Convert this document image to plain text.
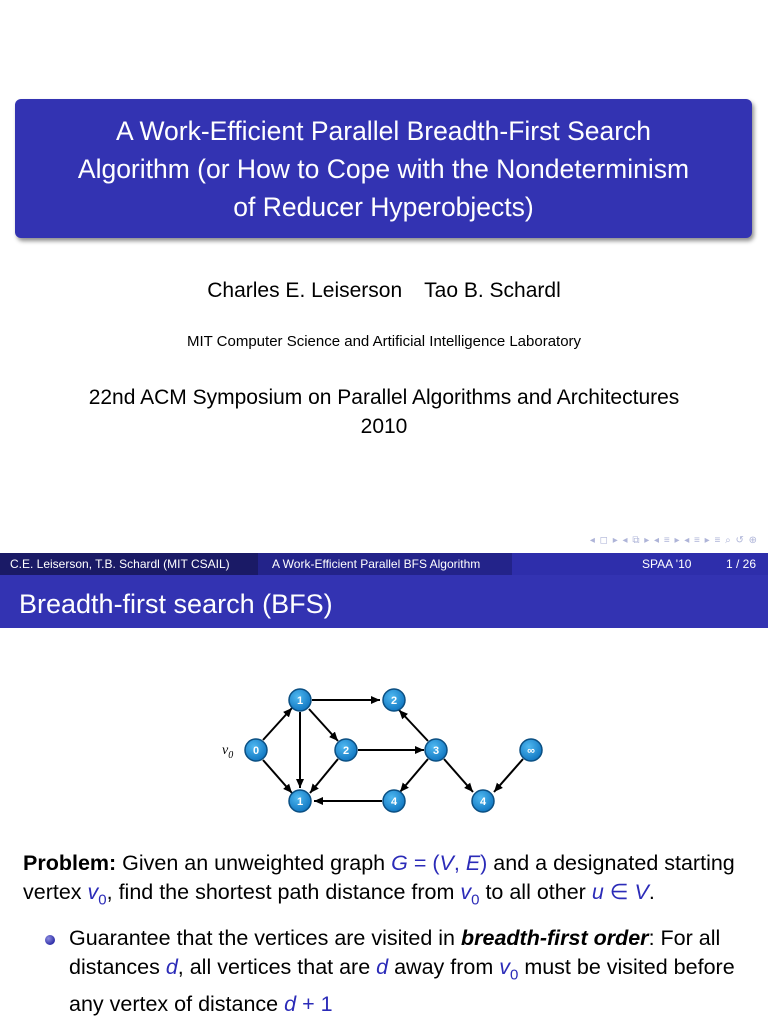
A Work-Efficient Parallel Breadth-First Search
Algorithm (or How to Cope with the Nondeterminism
of Reducer Hyperobjects)
Charles E. Leiserson Tao B. Schardl
MIT Computer Science and Artificial Intelligence Laboratory
22nd ACM Symposium on Parallel Algorithms and Architectures
2010
◂ ◻ ▸ ◂ ⧉ ▸ ◂ ≡ ▸ ◂ ≡ ▸ ≡ ⌕ ↺ ⊕
C.E. Leiserson, T.B. Schardl (MIT CSAIL)	A Work-Efficient Parallel BFS Algorithm	SPAA '10	1 / 26
Breadth-first search (BFS)
$v_0$ 0
1
1
2
2	3
4	4
∞
Problem: Given an unweighted graph G = (V, E) and a designated starting vertex $v_0$, find the shortest path distance from $v_0$ to all other u ∈ V.
Guarantee that the vertices are visited in breadth-first order: For all distances d, all vertices that are d away from $v_0$ must be visited before any vertex of distance d + 1
